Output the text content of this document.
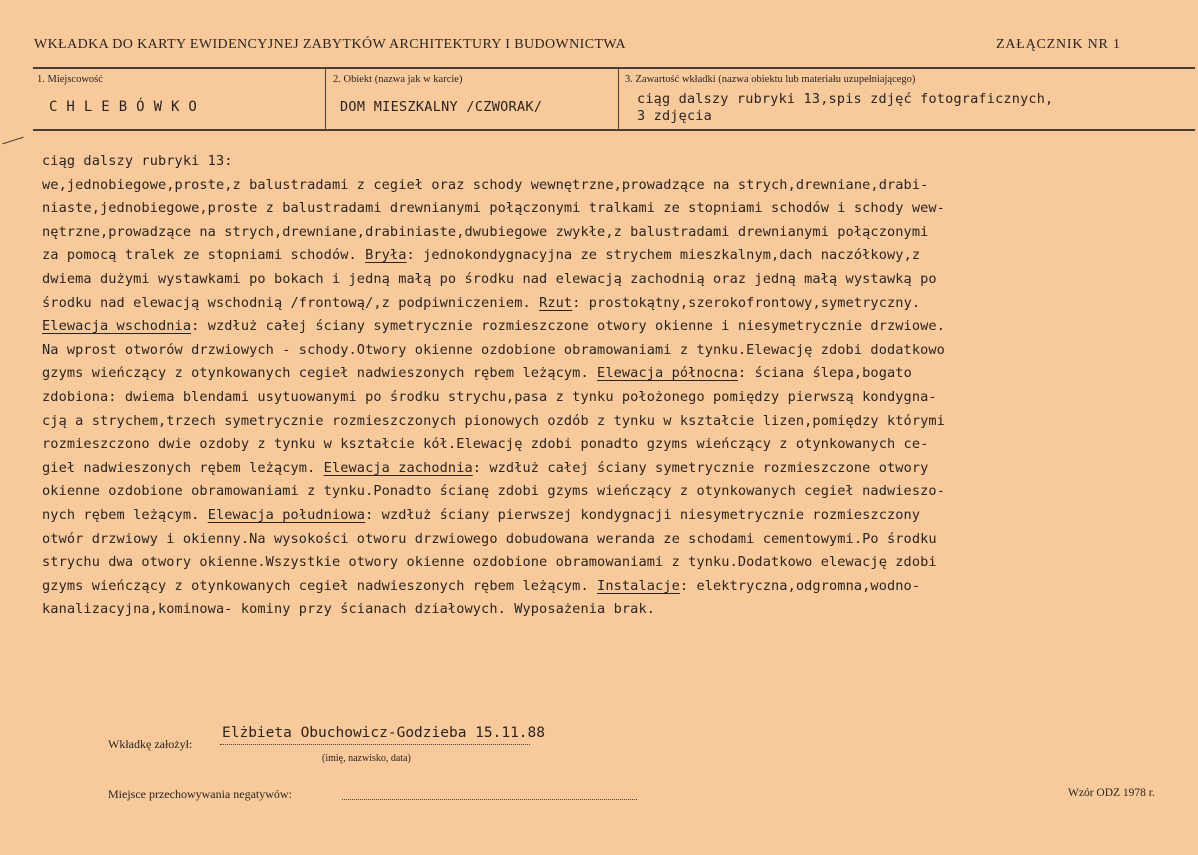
WKŁADKA DO KARTY EWIDENCYJNEJ ZABYTKÓW ARCHITEKTURY I BUDOWNICTWA	ZAŁĄCZNIK NR 1
1. Miejscowość
CHLEBÓWKO
2. Obiekt (nazwa jak w karcie)
DOM MIESZKALNY /CZWORAK/
3. Zawartość wkładki (nazwa obiektu lub materiału uzupełniającego)
ciąg dalszy rubryki 13,spis zdjęć fotograficznych,
3 zdjęcia
ciąg dalszy rubryki 13:
we,jednobiegowe,proste,z balustradami z cegieł oraz schody wewnętrzne,prowadzące na strych,drewniane,drabi-
niaste,jednobiegowe,proste z balustradami drewnianymi połączonymi tralkami ze stopniami schodów i schody wew-
nętrzne,prowadzące na strych,drewniane,drabiniaste,dwubiegowe zwykłe,z balustradami drewnianymi połączonymi
za pomocą tralek ze stopniami schodów. Bryła: jednokondygnacyjna ze strychem mieszkalnym,dach naczółkowy,z
dwiema dużymi wystawkami po bokach i jedną małą po środku nad elewacją zachodnią oraz jedną małą wystawką po
środku nad elewacją wschodnią /frontową/,z podpiwniczeniem. Rzut: prostokątny,szerokofrontowy,symetryczny.
Elewacja wschodnia: wzdłuż całej ściany symetrycznie rozmieszczone otwory okienne i niesymetrycznie drzwiowe.
Na wprost otworów drzwiowych - schody.Otwory okienne ozdobione obramowaniami z tynku.Elewację zdobi dodatkowo
gzyms wieńczący z otynkowanych cegieł nadwieszonych rębem leżącym. Elewacja północna: ściana ślepa,bogato
zdobiona: dwiema blendami usytuowanymi po środku strychu,pasa z tynku położonego pomiędzy pierwszą kondygna-
cją a strychem,trzech symetrycznie rozmieszczonych pionowych ozdób z tynku w kształcie lizen,pomiędzy którymi
rozmieszczono dwie ozdoby z tynku w kształcie kół.Elewację zdobi ponadto gzyms wieńczący z otynkowanych ce-
gieł nadwieszonych rębem leżącym. Elewacja zachodnia: wzdłuż całej ściany symetrycznie rozmieszczone otwory
okienne ozdobione obramowaniami z tynku.Ponadto ścianę zdobi gzyms wieńczący z otynkowanych cegieł nadwieszo-
nych rębem leżącym. Elewacja południowa: wzdłuż ściany pierwszej kondygnacji niesymetrycznie rozmieszczony
otwór drzwiowy i okienny.Na wysokości otworu drzwiowego dobudowana weranda ze schodami cementowymi.Po środku
strychu dwa otwory okienne.Wszystkie otwory okienne ozdobione obramowaniami z tynku.Dodatkowo elewację zdobi
gzyms wieńczący z otynkowanych cegieł nadwieszonych rębem leżącym. Instalacje: elektryczna,odgromna,wodno-
kanalizacyjna,kominowa- kominy przy ścianach działowych. Wyposażenia brak.
Wkładkę założył:
Elżbieta Obuchowicz-Godzieba 15.11.88
(imię, nazwisko, data)
Miejsce przechowywania negatywów:	Wzór ODZ 1978 r.
